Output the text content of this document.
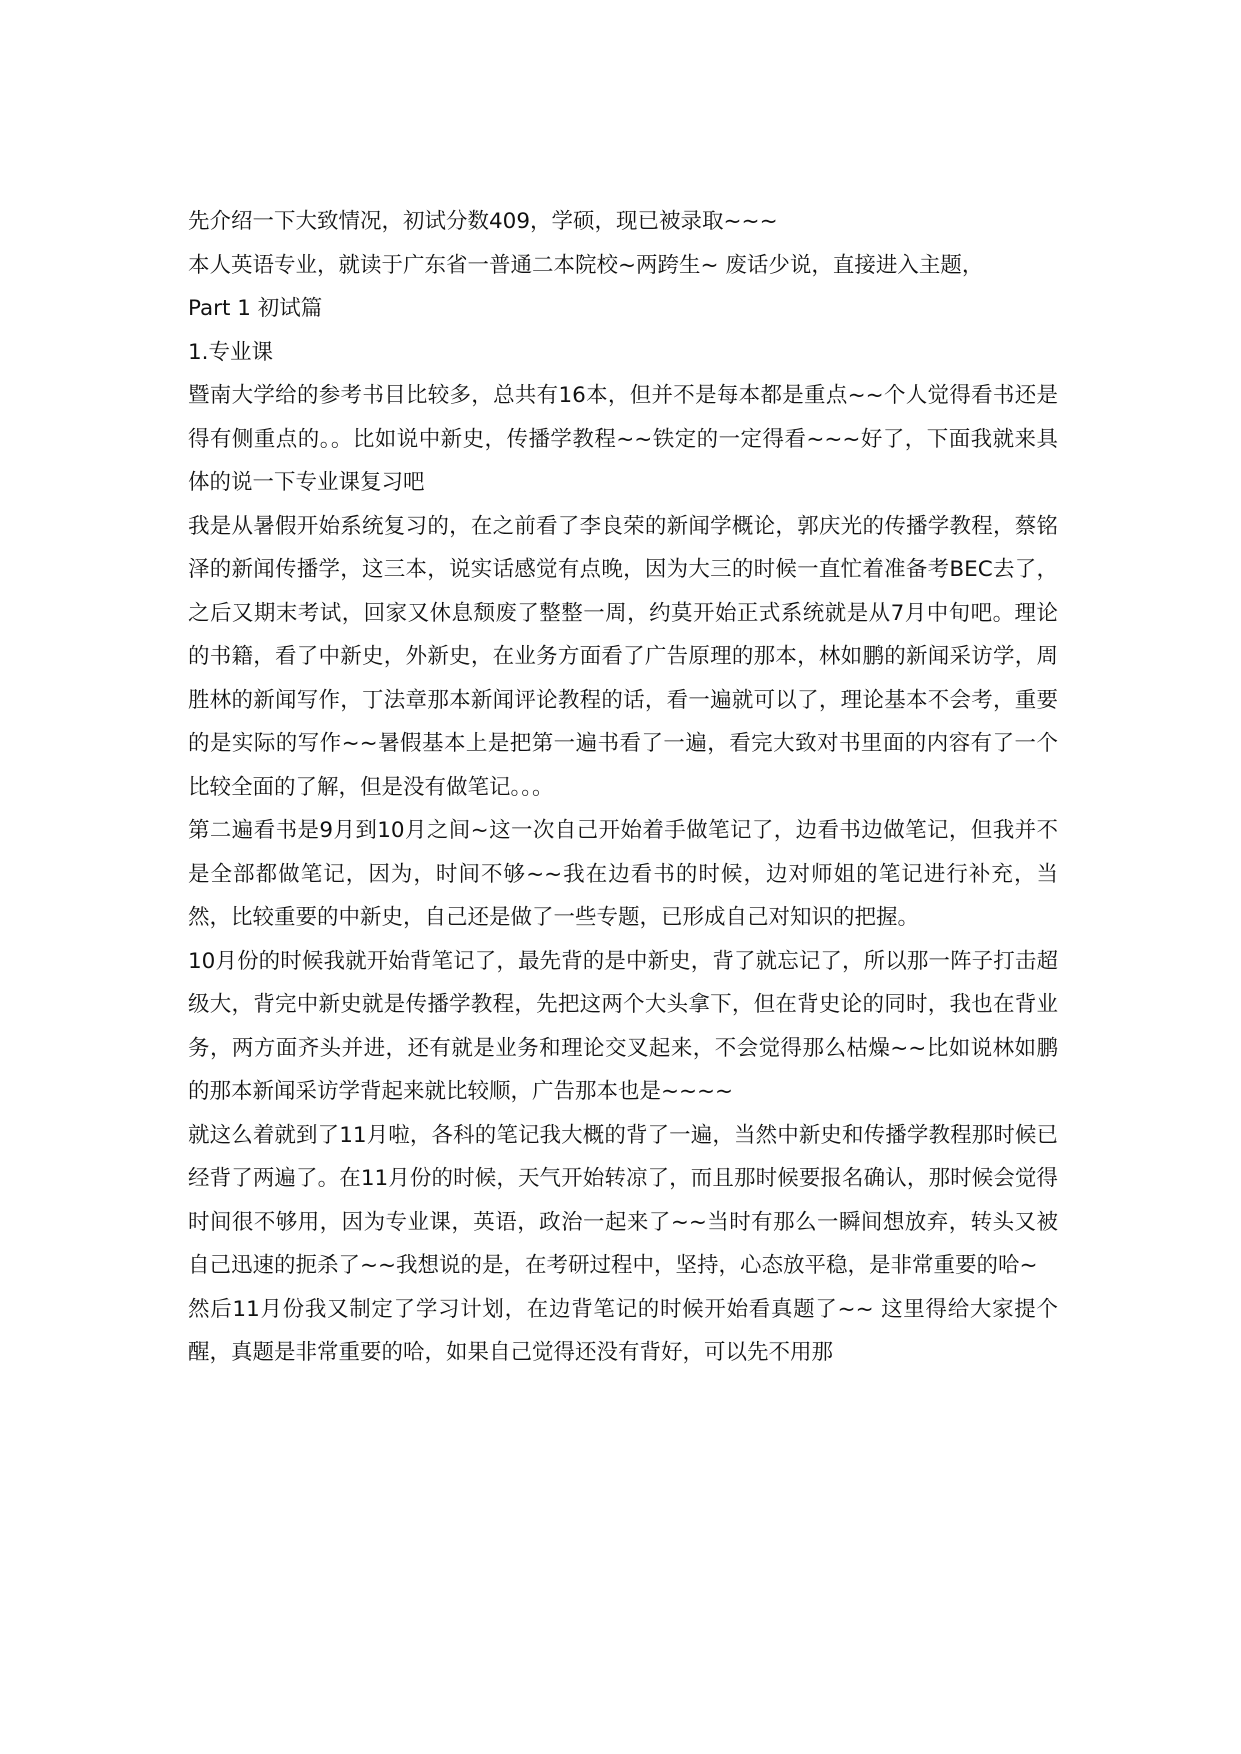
先介绍一下大致情况，初试分数409，学硕，现已被录取~~~

本人英语专业，就读于广东省一普通二本院校~两跨生~ 废话少说，直接进入主题，

Part 1 初试篇

1.专业课

暨南大学给的参考书目比较多，总共有16本，但并不是每本都是重点~~个人觉得看书还是得有侧重点的。。比如说中新史，传播学教程~~铁定的一定得看~~~好了，下面我就来具体的说一下专业课复习吧

我是从暑假开始系统复习的，在之前看了李良荣的新闻学概论，郭庆光的传播学教程，蔡铭泽的新闻传播学，这三本，说实话感觉有点晚，因为大三的时候一直忙着准备考BEC去了，之后又期末考试，回家又休息颓废了整整一周，约莫开始正式系统就是从7月中旬吧。理论的书籍，看了中新史，外新史，在业务方面看了广告原理的那本，林如鹏的新闻采访学，周胜林的新闻写作，丁法章那本新闻评论教程的话，看一遍就可以了，理论基本不会考，重要的是实际的写作~~暑假基本上是把第一遍书看了一遍，看完大致对书里面的内容有了一个比较全面的了解，但是没有做笔记。。。

第二遍看书是9月到10月之间~这一次自己开始着手做笔记了，边看书边做笔记，但我并不是全部都做笔记，因为，时间不够~~我在边看书的时候，边对师姐的笔记进行补充，当然，比较重要的中新史，自己还是做了一些专题，已形成自己对知识的把握。

10月份的时候我就开始背笔记了，最先背的是中新史，背了就忘记了，所以那一阵子打击超级大，背完中新史就是传播学教程，先把这两个大头拿下，但在背史论的同时，我也在背业务，两方面齐头并进，还有就是业务和理论交叉起来，不会觉得那么枯燥~~比如说林如鹏的那本新闻采访学背起来就比较顺，广告那本也是~~~~

就这么着就到了11月啦，各科的笔记我大概的背了一遍，当然中新史和传播学教程那时候已经背了两遍了。在11月份的时候，天气开始转凉了，而且那时候要报名确认，那时候会觉得时间很不够用，因为专业课，英语，政治一起来了~~当时有那么一瞬间想放弃，转头又被自己迅速的扼杀了~~我想说的是，在考研过程中，坚持，心态放平稳，是非常重要的哈~

然后11月份我又制定了学习计划，在边背笔记的时候开始看真题了~~ 这里得给大家提个醒，真题是非常重要的哈，如果自己觉得还没有背好，可以先不用那
